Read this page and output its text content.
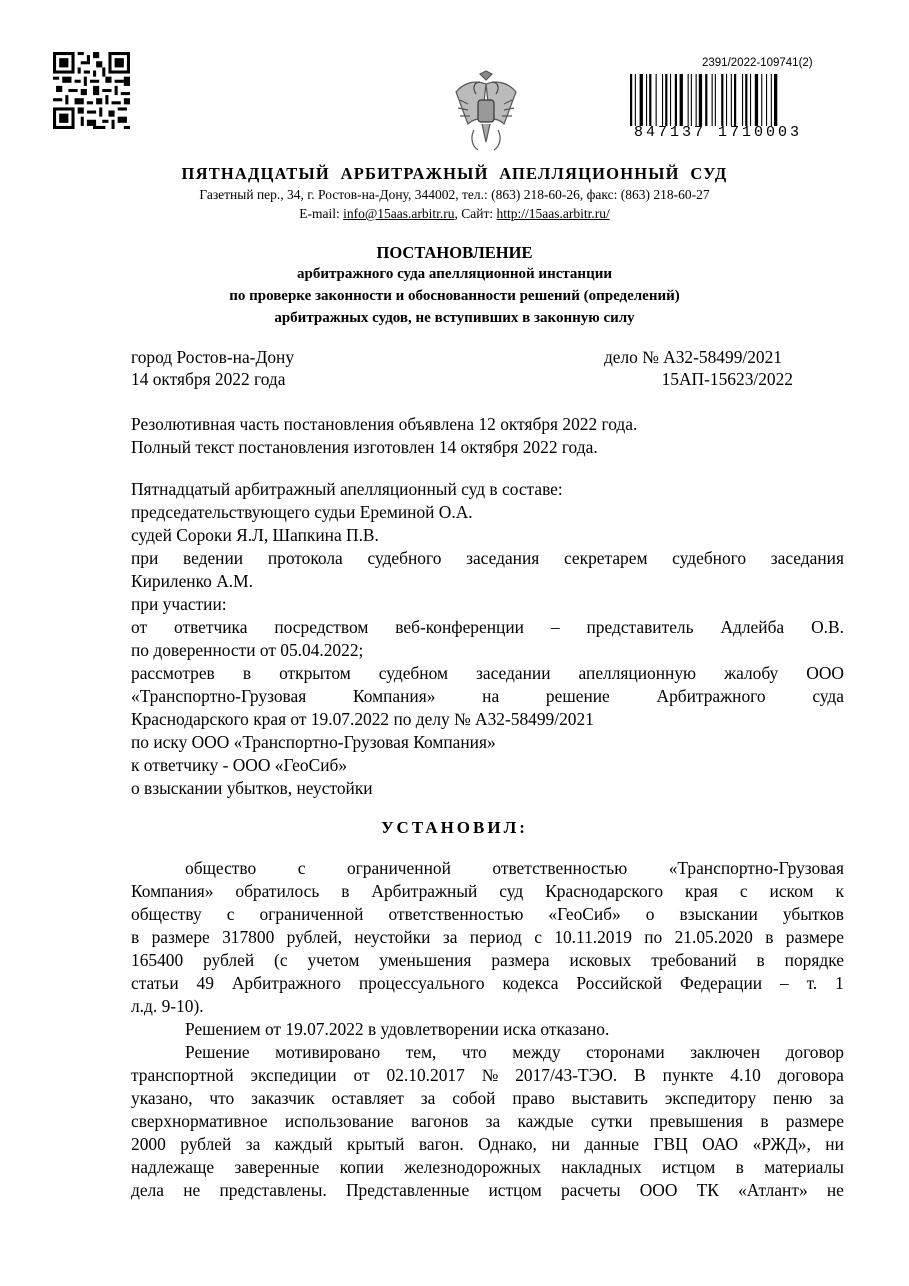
2391/2022-109741(2)
847137 1710003
ПЯТНАДЦАТЫЙ  АРБИТРАЖНЫЙ  АПЕЛЛЯЦИОННЫЙ  СУД
Газетный пер., 34, г. Ростов-на-Дону, 344002, тел.: (863) 218-60-26, факс: (863) 218-60-27
E-mail: info@15aas.arbitr.ru, Сайт: http://15aas.arbitr.ru/
ПОСТАНОВЛЕНИЕ
арбитражного суда апелляционной инстанции
по проверке законности и обоснованности решений (определений)
арбитражных судов, не вступивших в законную силу
город Ростов-на-Дону
14 октября 2022 года
дело № А32-58499/2021
15АП-15623/2022
Резолютивная часть постановления объявлена 12 октября 2022 года.
Полный текст постановления изготовлен 14 октября 2022 года.
Пятнадцатый арбитражный апелляционный суд в составе:
председательствующего судьи Ереминой О.А.
судей Сороки Я.Л, Шапкина П.В.
при ведении протокола судебного заседания секретарем судебного заседания
Кириленко А.М.
при участии:
от ответчика посредством веб-конференции – представитель Адлейба О.В.
по доверенности от 05.04.2022;
рассмотрев в открытом судебном заседании апелляционную жалобу ООО
«Транспортно-Грузовая	Компания»	на	решение	Арбитражного	суда
Краснодарского края от 19.07.2022 по делу № А32-58499/2021
по иску ООО «Транспортно-Грузовая Компания»
к ответчику - ООО «ГеоСиб»
о взыскании убытков, неустойки
УСТАНОВИЛ:
общество с ограниченной ответственностью «Транспортно-Грузовая
Компания» обратилось в Арбитражный суд Краснодарского края с иском к
обществу с ограниченной ответственностью «ГеоСиб» о взыскании убытков
в размере 317800 рублей, неустойки за период с 10.11.2019 по 21.05.2020 в размере
165400 рублей (с учетом уменьшения размера исковых требований в порядке
статьи 49 Арбитражного процессуального кодекса Российской Федерации – т. 1
л.д. 9-10).
Решением от 19.07.2022 в удовлетворении иска отказано.
Решение мотивировано тем, что между сторонами заключен договор
транспортной экспедиции от 02.10.2017 № 2017/43-ТЭО. В пункте 4.10 договора
указано, что заказчик оставляет за собой право выставить экспедитору пеню за
сверхнормативное использование вагонов за каждые сутки превышения в размере
2000 рублей за каждый крытый вагон. Однако, ни данные ГВЦ ОАО «РЖД», ни
надлежаще заверенные копии железнодорожных накладных истцом в материалы
дела не представлены. Представленные истцом расчеты ООО ТК «Атлант» не
